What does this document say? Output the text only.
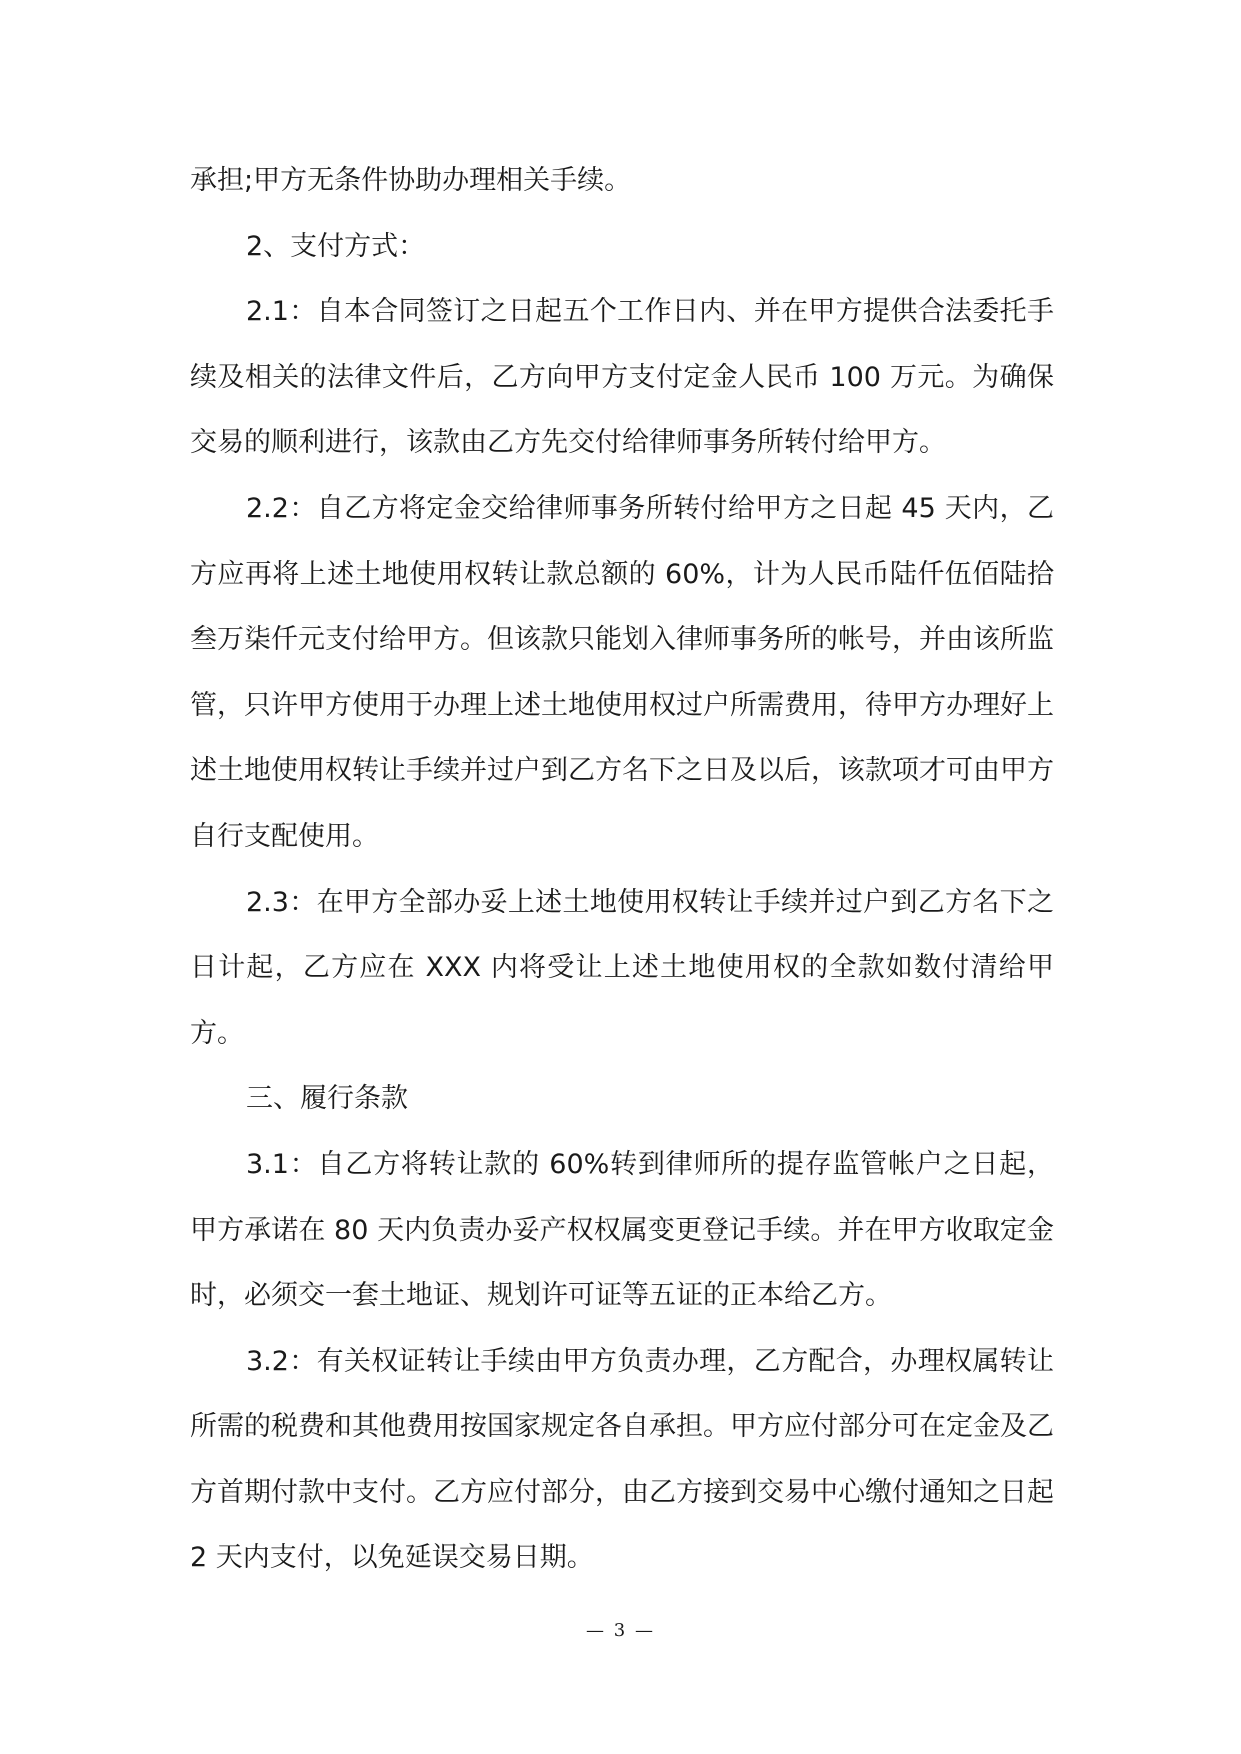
承担;甲方无条件协助办理相关手续。

2、支付方式：

2.1：自本合同签订之日起五个工作日内、并在甲方提供合法委托手续及相关的法律文件后，乙方向甲方支付定金人民币 100 万元。为确保交易的顺利进行，该款由乙方先交付给律师事务所转付给甲方。

2.2：自乙方将定金交给律师事务所转付给甲方之日起 45 天内，乙方应再将上述土地使用权转让款总额的 60%，计为人民币陆仟伍佰陆拾叁万柒仟元支付给甲方。但该款只能划入律师事务所的帐号，并由该所监管，只许甲方使用于办理上述土地使用权过户所需费用，待甲方办理好上述土地使用权转让手续并过户到乙方名下之日及以后，该款项才可由甲方自行支配使用。

2.3：在甲方全部办妥上述土地使用权转让手续并过户到乙方名下之日计起，乙方应在 XXX 内将受让上述土地使用权的全款如数付清给甲方。

三、履行条款

3.1：自乙方将转让款的 60%转到律师所的提存监管帐户之日起，甲方承诺在 80 天内负责办妥产权权属变更登记手续。并在甲方收取定金时，必须交一套土地证、规划许可证等五证的正本给乙方。

3.2：有关权证转让手续由甲方负责办理，乙方配合，办理权属转让所需的税费和其他费用按国家规定各自承担。甲方应付部分可在定金及乙方首期付款中支付。乙方应付部分，由乙方接到交易中心缴付通知之日起 2 天内支付，以免延误交易日期。

— 3 —
